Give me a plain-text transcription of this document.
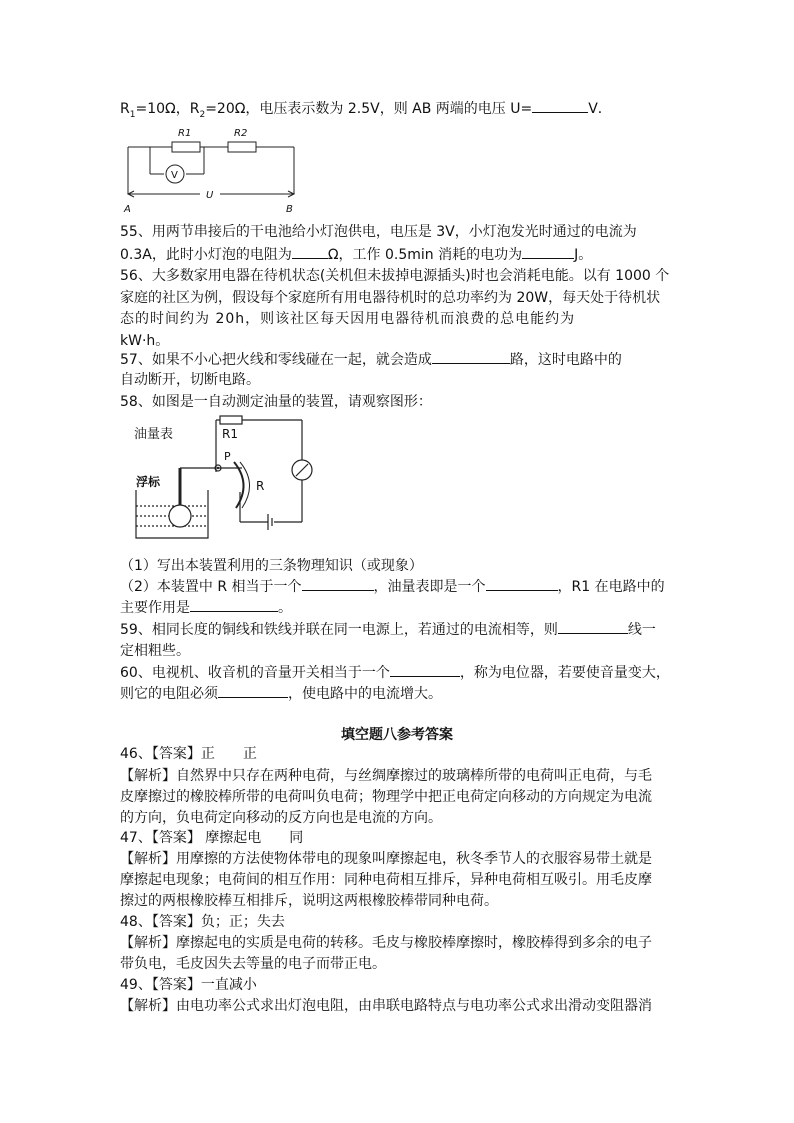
$R_1=10\Omega$，$R_2=20\Omega$，电压表示数为 2.5V，则 AB 两端的电压 U=	V．
R1	R2
V
U
A	B
55、用两节串接后的干电池给小灯泡供电，电压是 3V，小灯泡发光时通过的电流为
0.3A，此时小灯泡的电阻为	Ω，工作 0.5min 消耗的电功为	J。
56、大多数家用电器在待机状态(关机但未拔掉电源插头)时也会消耗电能。以有 1000 个
家庭的社区为例，假设每个家庭所有用电器待机时的总功率约为 20W，每天处于待机状
态的时间约为 20h，则该社区每天因用电器待机而浪费的总电能约为
kW·h。
57、如果不小心把火线和零线碰在一起，就会造成	路，这时电路中的
自动断开，切断电路。
58、如图是一自动测定油量的装置，请观察图形：
油量表
浮标
R1
R
P
（1）写出本装置利用的三条物理知识（或现象）
（2）本装置中 R 相当于一个	，油量表即是一个	，R1 在电路中的
主要作用是	。
59、相同长度的铜线和铁线并联在同一电源上，若通过的电流相等，则	线一
定相粗些。
60、电视机、收音机的音量开关相当于一个	，称为电位器，若要使音量变大，
则它的电阻必须	，使电路中的电流增大。
填空题八参考答案
46、【答案】正　　正
【解析】自然界中只存在两种电荷，与丝绸摩擦过的玻璃棒所带的电荷叫正电荷，与毛
皮摩擦过的橡胶棒所带的电荷叫负电荷；物理学中把正电荷定向移动的方向规定为电流
的方向，负电荷定向移动的反方向也是电流的方向。
47、【答案】 摩擦起电　　同
【解析】用摩擦的方法使物体带电的现象叫摩擦起电，秋冬季节人的衣服容易带土就是
摩擦起电现象；电荷间的相互作用：同种电荷相互排斥，异种电荷相互吸引。用毛皮摩
擦过的两根橡胶棒互相排斥，说明这两根橡胶棒带同种电荷。
48、【答案】负；正；失去
【解析】摩擦起电的实质是电荷的转移。毛皮与橡胶棒摩擦时，橡胶棒得到多余的电子
带负电，毛皮因失去等量的电子而带正电。
49、【答案】一直减小
【解析】由电功率公式求出灯泡电阻，由串联电路特点与电功率公式求出滑动变阻器消
